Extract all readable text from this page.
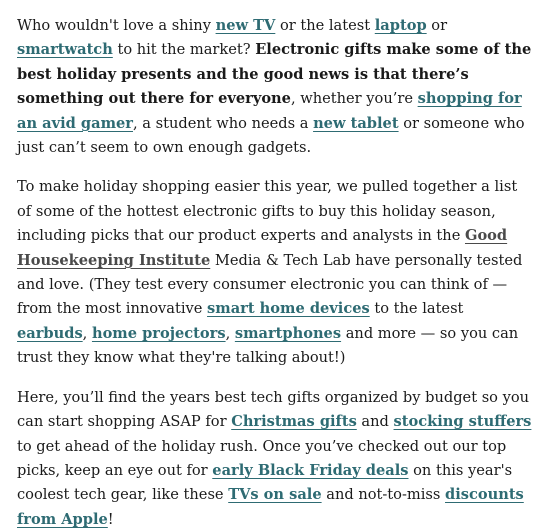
Who wouldn't love a shiny new TV or the latest laptop or smartwatch to hit the market? Electronic gifts make some of the best holiday presents and the good news is that there’s something out there for everyone, whether you’re shopping for an avid gamer, a student who needs a new tablet or someone who just can’t seem to own enough gadgets.

To make holiday shopping easier this year, we pulled together a list of some of the hottest electronic gifts to buy this holiday season, including picks that our product experts and analysts in the Good Housekeeping Institute Media & Tech Lab have personally tested and love. (They test every consumer electronic you can think of — from the most innovative smart home devices to the latest earbuds, home projectors, smartphones and more — so you can trust they know what they're talking about!)

Here, you’ll find the years best tech gifts organized by budget so you can start shopping ASAP for Christmas gifts and stocking stuffers to get ahead of the holiday rush. Once you’ve checked out our top picks, keep an eye out for early Black Friday deals on this year's coolest tech gear, like these TVs on sale and not-to-miss discounts from Apple!
